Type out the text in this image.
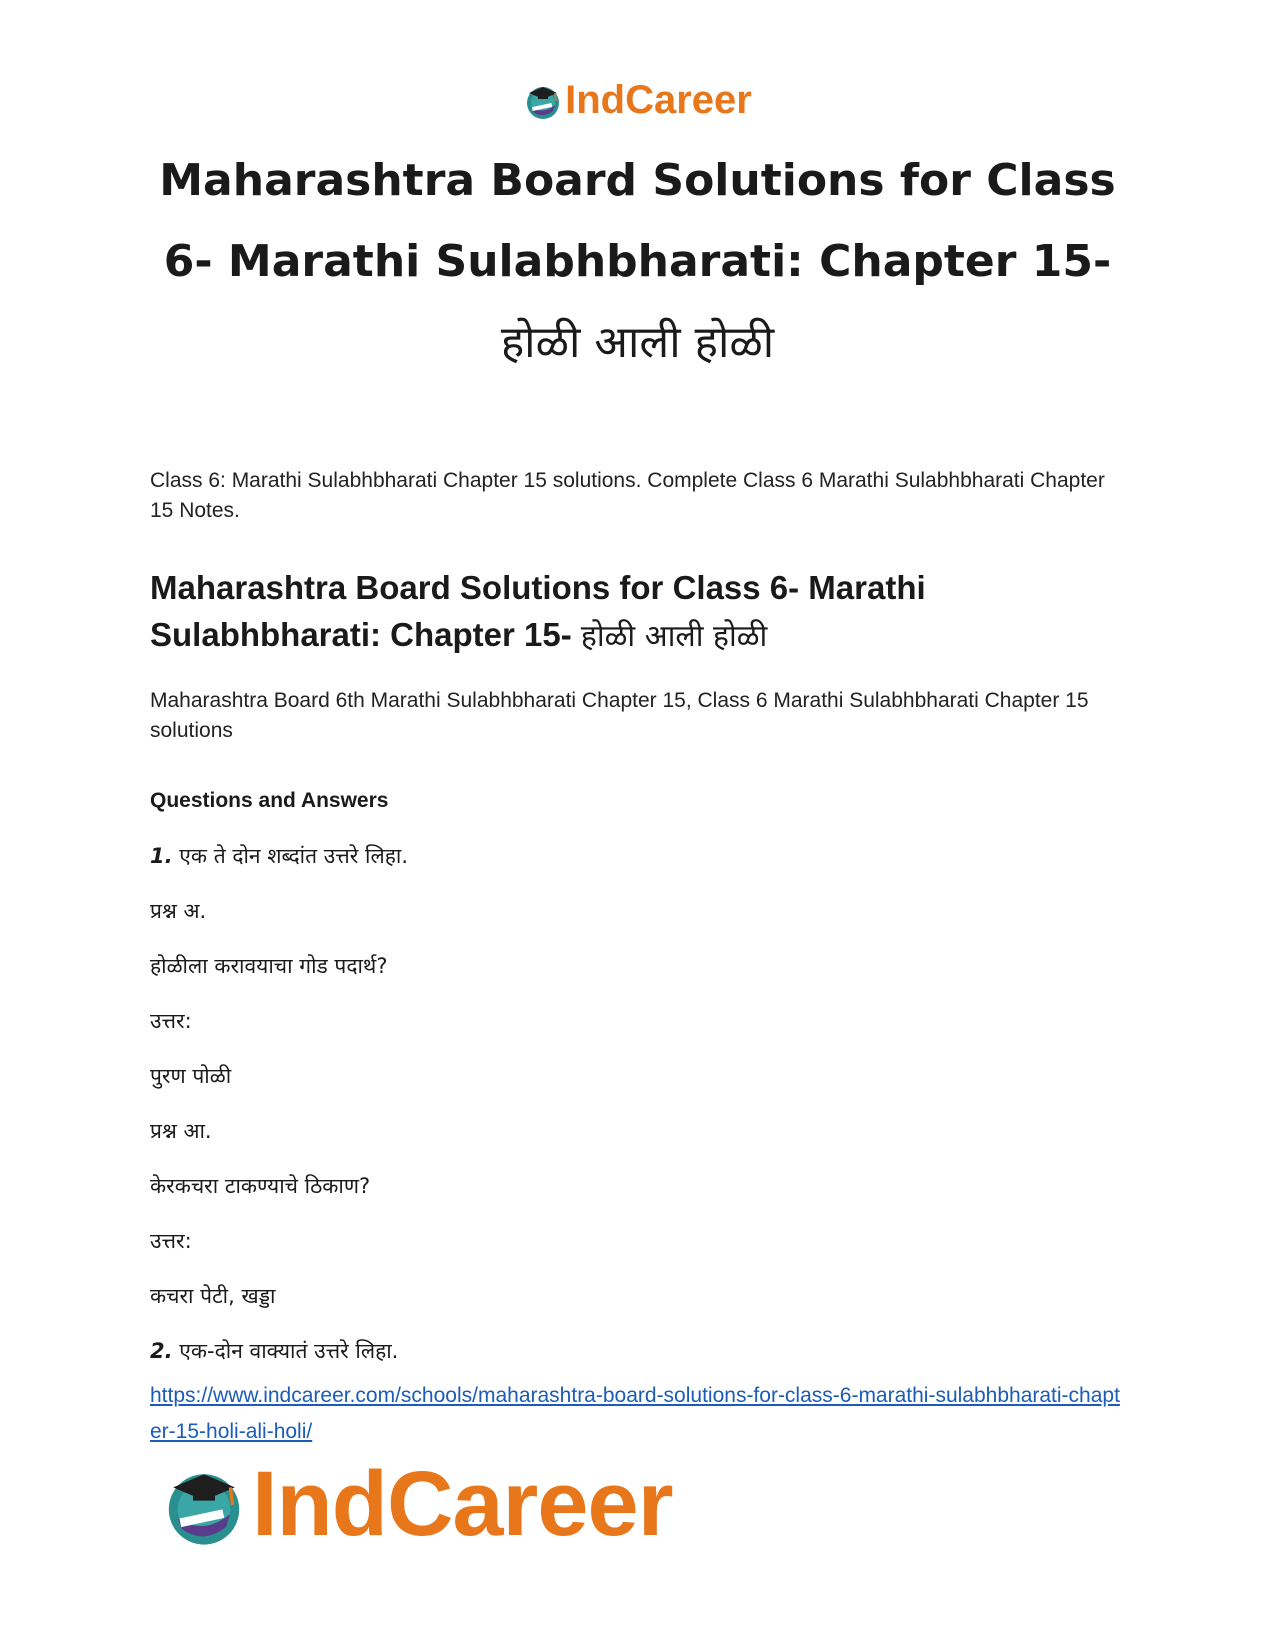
IndCareer
Maharashtra Board Solutions for Class 6- Marathi Sulabhbharati: Chapter 15- होळी आली होळी

Class 6: Marathi Sulabhbharati Chapter 15 solutions. Complete Class 6 Marathi Sulabhbharati Chapter 15 Notes.

Maharashtra Board Solutions for Class 6- Marathi Sulabhbharati: Chapter 15- होळी आली होळी

Maharashtra Board 6th Marathi Sulabhbharati Chapter 15, Class 6 Marathi Sulabhbharati Chapter 15 solutions

Questions and Answers

1. एक ते दोन शब्दांत उत्तरे लिहा.

प्रश्न अ.

होळीला करावयाचा गोड पदार्थ?

उत्तर:

पुरण पोळी

प्रश्न आ.

केरकचरा टाकण्याचे ठिकाण?

उत्तर:

कचरा पेटी, खड्डा

2. एक-दोन वाक्यातं उत्तरे लिहा.

https://www.indcareer.com/schools/maharashtra-board-solutions-for-class-6-marathi-sulabhbharati-chapter-15-holi-ali-holi/
IndCareer
